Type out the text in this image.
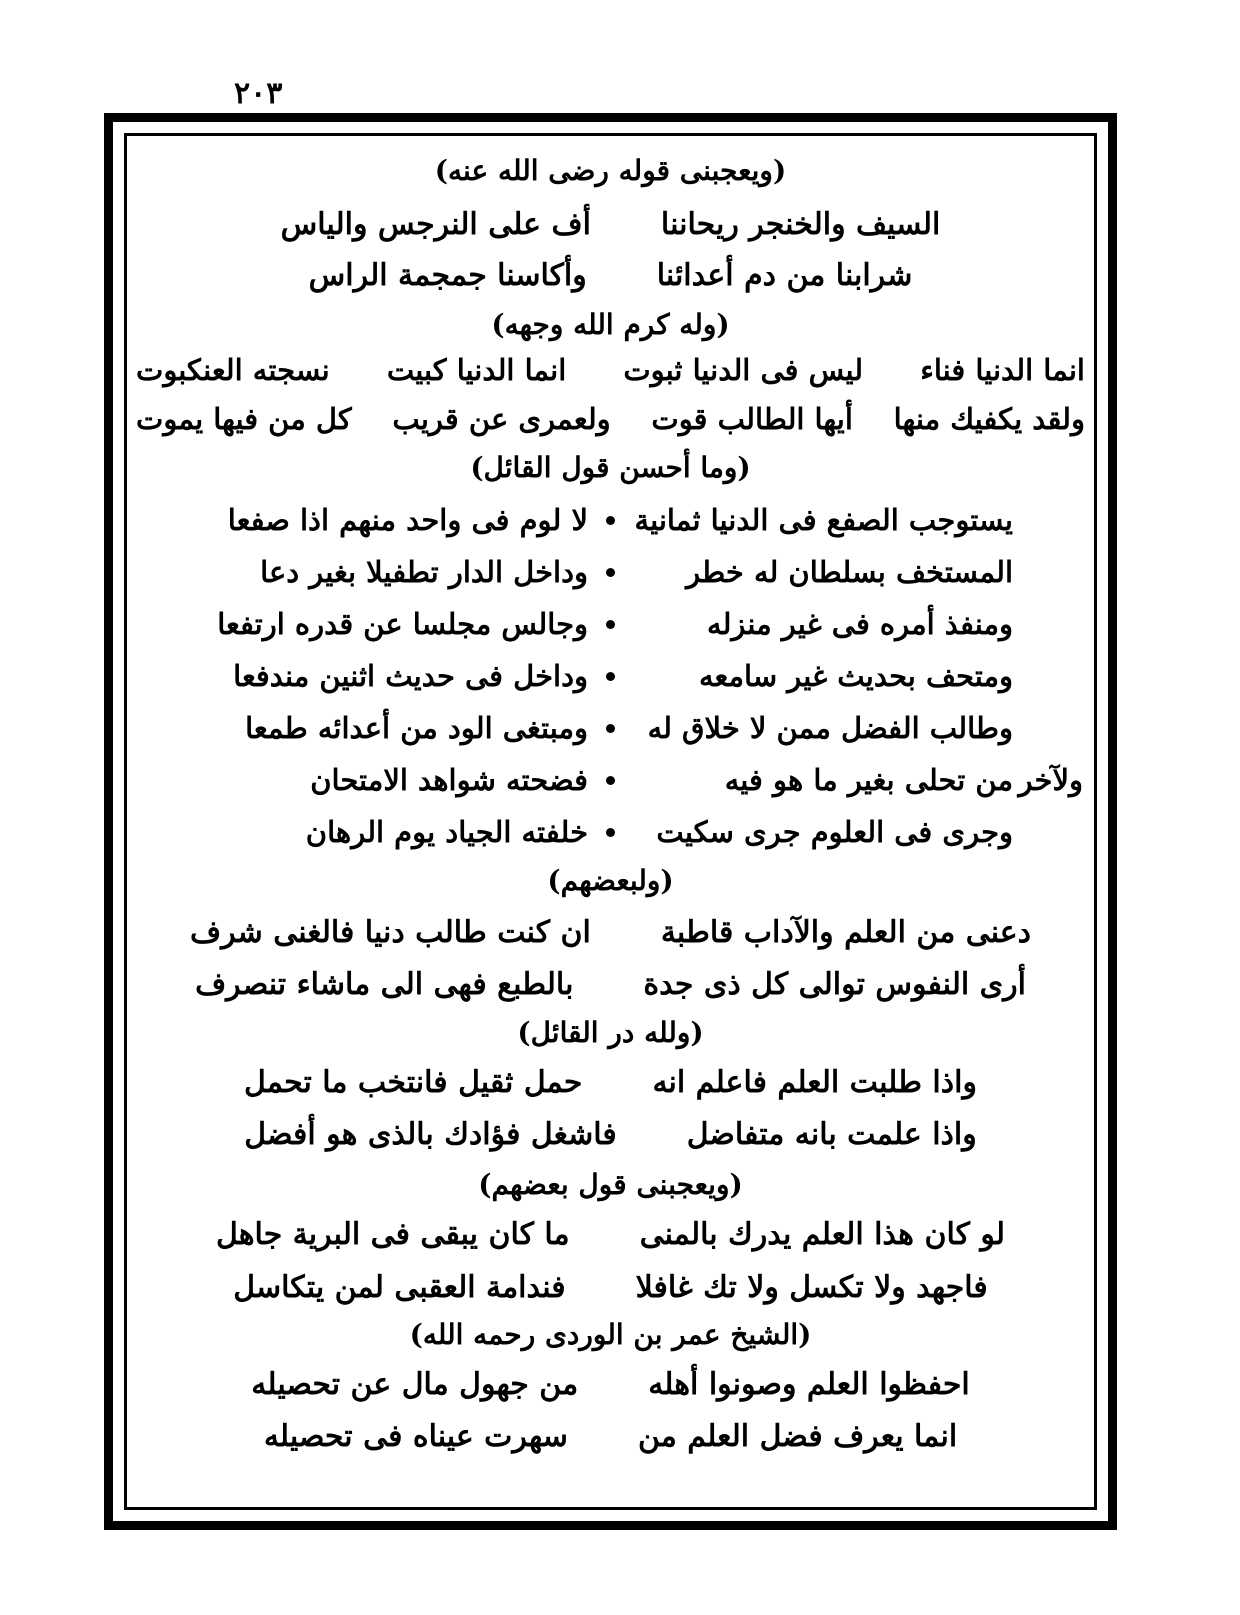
٢٠٣
(ويعجبنى قوله رضى الله عنه)
السيف والخنجر ريحاننا
أف على النرجس والياس
شرابنا من دم أعدائنا
وأكاسنا جمجمة الراس
(وله كرم الله وجهه)
انما الدنيا فناء
ليس فى الدنيا ثبوت
انما الدنيا كبيت
نسجته العنكبوت
ولقد يكفيك منها
أيها الطالب قوت
ولعمرى عن قريب
كل من فيها يموت
(وما أحسن قول القائل)
يستوجب الصفع فى الدنيا ثمانية
لا لوم فى واحد منهم اذا صفعا
المستخف بسلطان له خطر
وداخل الدار تطفيلا بغير دعا
ومنفذ أمره فى غير منزله
وجالس مجلسا عن قدره ارتفعا
ومتحف بحديث غير سامعه
وداخل فى حديث اثنين مندفعا
وطالب الفضل ممن لا خلاق له
ومبتغى الود من أعدائه طمعا
ولآخر
من تحلى بغير ما هو فيه
فضحته شواهد الامتحان
وجرى فى العلوم جرى سكيت
خلفته الجياد يوم الرهان
(ولبعضهم)
دعنى من العلم والآداب قاطبة
ان كنت طالب دنيا فالغنى شرف
أرى النفوس توالى كل ذى جدة
بالطبع فهى الى ماشاء تنصرف
(ولله در القائل)
واذا طلبت العلم فاعلم انه
حمل ثقيل فانتخب ما تحمل
واذا علمت بانه متفاضل
فاشغل فؤادك بالذى هو أفضل
(ويعجبنى قول بعضهم)
لو كان هذا العلم يدرك بالمنى
ما كان يبقى فى البرية جاهل
فاجهد ولا تكسل ولا تك غافلا
فندامة العقبى لمن يتكاسل
(الشيخ عمر بن الوردى رحمه الله)
احفظوا العلم وصونوا أهله
من جهول مال عن تحصيله
انما يعرف فضل العلم من
سهرت عيناه فى تحصيله
